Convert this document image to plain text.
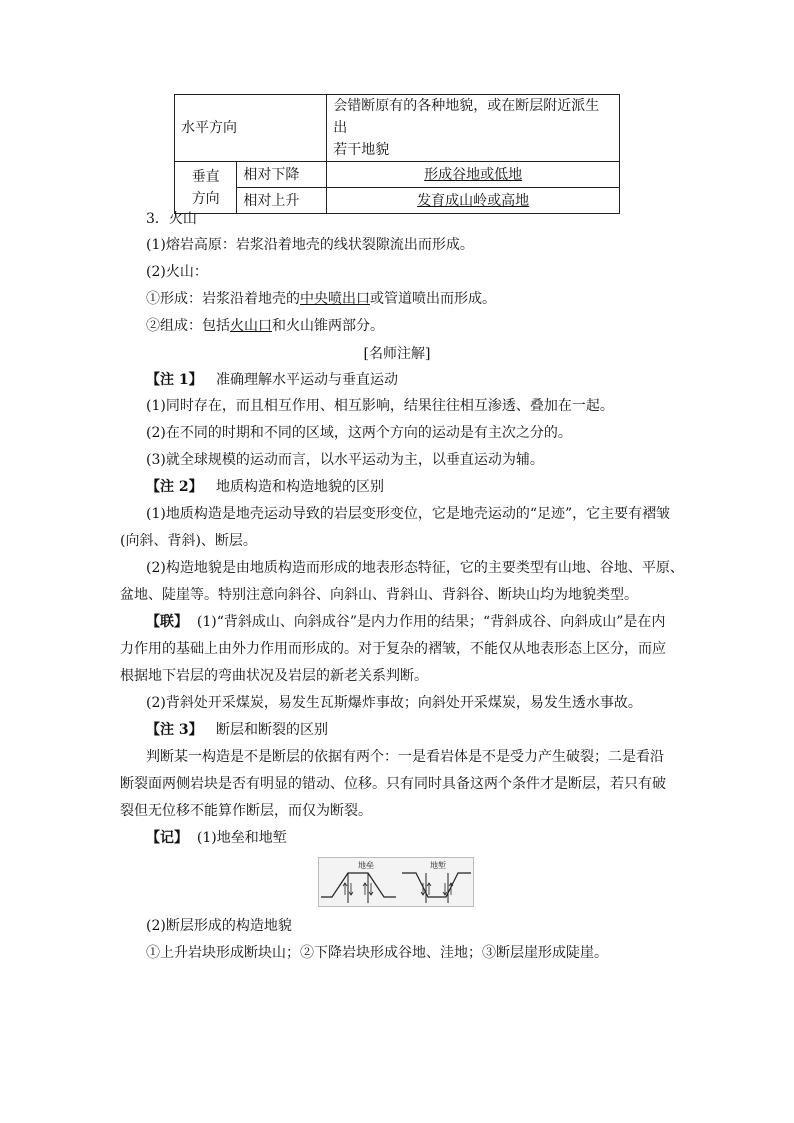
水平方向		会错断原有的各种地貌，或在断层附近派生出
若干地貌

垂直
方向	相对下降	形成谷地或低地
	相对上升	发育成山岭或高地
3．火山
(1)熔岩高原：岩浆沿着地壳的线状裂隙流出而形成。
(2)火山：
①形成：岩浆沿着地壳的中央喷出口或管道喷出而形成。
②组成：包括火山口和火山锥两部分。
[名师注解]
【注 1】 准确理解水平运动与垂直运动
(1)同时存在，而且相互作用、相互影响，结果往往相互渗透、叠加在一起。
(2)在不同的时期和不同的区域，这两个方向的运动是有主次之分的。
(3)就全球规模的运动而言，以水平运动为主，以垂直运动为辅。
【注 2】 地质构造和构造地貌的区别
(1)地质构造是地壳运动导致的岩层变形变位，它是地壳运动的“足迹”，它主要有褶皱
(向斜、背斜)、断层。
(2)构造地貌是由地质构造而形成的地表形态特征，它的主要类型有山地、谷地、平原、
盆地、陡崖等。特别注意向斜谷、向斜山、背斜山、背斜谷、断块山均为地貌类型。
【联】 (1)“背斜成山、向斜成谷”是内力作用的结果；“背斜成谷、向斜成山”是在内
力作用的基础上由外力作用而形成的。对于复杂的褶皱，不能仅从地表形态上区分，而应
根据地下岩层的弯曲状况及岩层的新老关系判断。
(2)背斜处开采煤炭，易发生瓦斯爆炸事故；向斜处开采煤炭，易发生透水事故。
【注 3】 断层和断裂的区别
判断某一构造是不是断层的依据有两个：一是看岩体是不是受力产生破裂；二是看沿
断裂面两侧岩块是否有明显的错动、位移。只有同时具备这两个条件才是断层，若只有破
裂但无位移不能算作断层，而仅为断裂。
【记】 (1)地垒和地堑
地垒	地堑
(2)断层形成的构造地貌
①上升岩块形成断块山；②下降岩块形成谷地、洼地；③断层崖形成陡崖。
